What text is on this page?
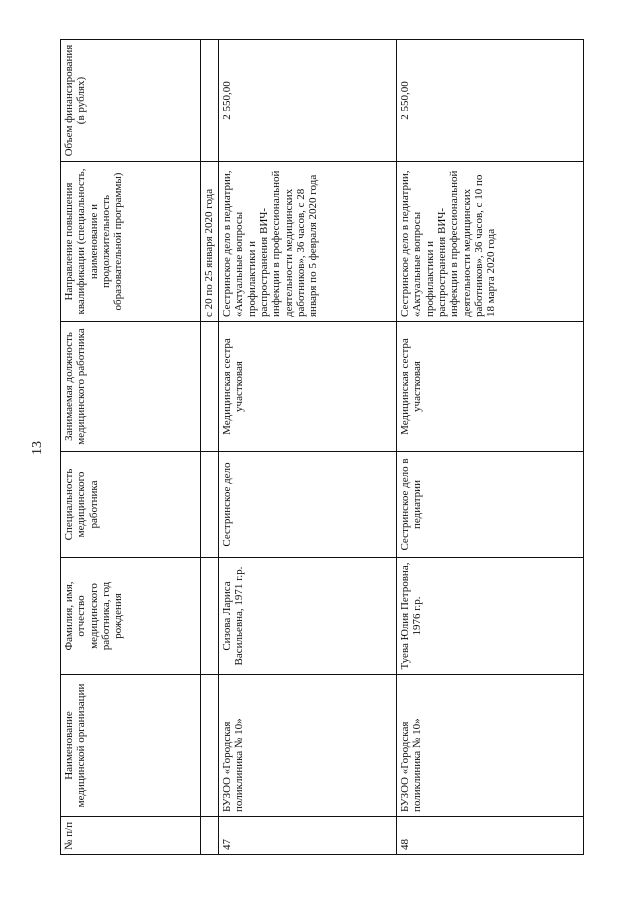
13
№ п/п	Наименование медицинской организации	Фамилия, имя, отчество медицинского работника, год рождения	Специальность медицинского работника	Занимаемая должность медицинского работника	Направление повышения квалификации (специальность, наименование и продолжительность образовательной программы)	Объем финансирования (в рублях)
					с 20 по 25 января 2020 года	
47	БУЗОО «Городская поликлиника № 10»	Сизова Лариса Васильевна, 1971 г.р.	Сестринское дело	Медицинская сестра участковая	Сестринское дело в педиатрии, «Актуальные вопросы профилактики и распространения ВИЧ-инфекции в профессиональной деятельности медицинских работников», 36 часов, с 28 января по 5 февраля 2020 года	2 550,00
48	БУЗОО «Городская поликлиника № 10»	Туева Юлия Петровна, 1976 г.р.	Сестринское дело в педиатрии	Медицинская сестра участковая	Сестринское дело в педиатрии, «Актуальные вопросы профилактики и распространения ВИЧ-инфекции в профессиональной деятельности медицинских работников», 36 часов, с 10 по 18 марта 2020 года	2 550,00
